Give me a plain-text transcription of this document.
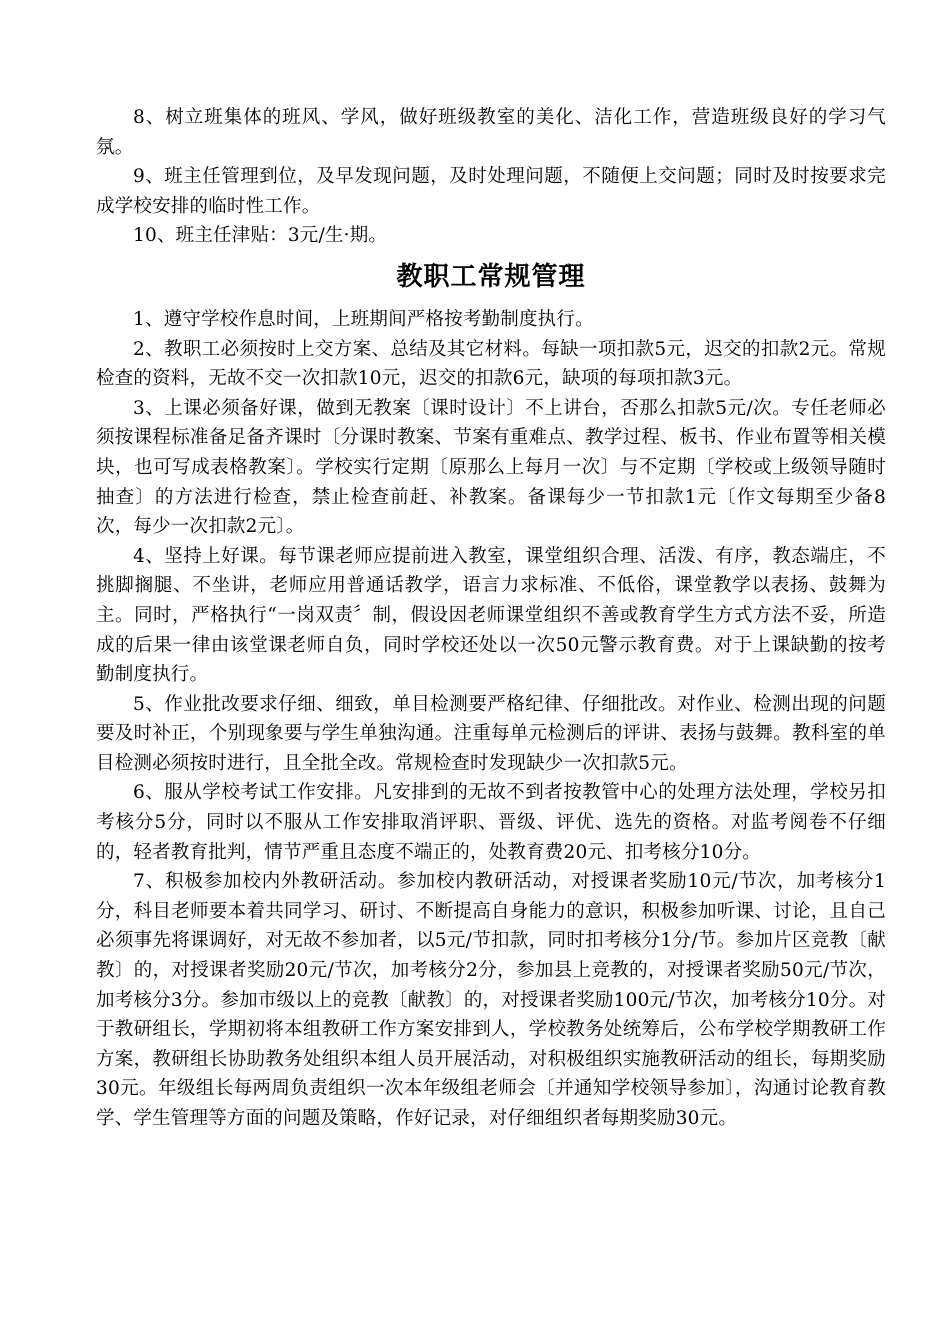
8、树立班集体的班风、学风，做好班级教室的美化、洁化工作，营造班级良好的学习气氛。

9、班主任管理到位，及早发现问题，及时处理问题，不随便上交问题；同时及时按要求完成学校安排的临时性工作。

10、班主任津贴：3元/生·期。

教职工常规管理

1、遵守学校作息时间，上班期间严格按考勤制度执行。

2、教职工必须按时上交方案、总结及其它材料。每缺一项扣款5元，迟交的扣款2元。常规检查的资料，无故不交一次扣款10元，迟交的扣款6元，缺项的每项扣款3元。

3、上课必须备好课，做到无教案〔课时设计〕不上讲台，否那么扣款5元/次。专任老师必须按课程标准备足备齐课时〔分课时教案、节案有重难点、教学过程、板书、作业布置等相关模块，也可写成表格教案〕。学校实行定期〔原那么上每月一次〕与不定期〔学校或上级领导随时抽查〕的方法进行检查，禁止检查前赶、补教案。备课每少一节扣款1元〔作文每期至少备8次，每少一次扣款2元〕。

4、坚持上好课。每节课老师应提前进入教室，课堂组织合理、活泼、有序，教态端庄，不挑脚搁腿、不坐讲，老师应用普通话教学，语言力求标准、不低俗，课堂教学以表扬、鼓舞为主。同时，严格执行“一岗双责〞制，假设因老师课堂组织不善或教育学生方式方法不妥，所造成的后果一律由该堂课老师自负，同时学校还处以一次50元警示教育费。对于上课缺勤的按考勤制度执行。

5、作业批改要求仔细、细致，单目检测要严格纪律、仔细批改。对作业、检测出现的问题要及时补正，个别现象要与学生单独沟通。注重每单元检测后的评讲、表扬与鼓舞。教科室的单目检测必须按时进行，且全批全改。常规检查时发现缺少一次扣款5元。

6、服从学校考试工作安排。凡安排到的无故不到者按教管中心的处理方法处理，学校另扣考核分5分，同时以不服从工作安排取消评职、晋级、评优、选先的资格。对监考阅卷不仔细的，轻者教育批判，情节严重且态度不端正的，处教育费20元、扣考核分10分。

7、积极参加校内外教研活动。参加校内教研活动，对授课者奖励10元/节次，加考核分1分，科目老师要本着共同学习、研讨、不断提高自身能力的意识，积极参加听课、讨论，且自己必须事先将课调好，对无故不参加者，以5元/节扣款，同时扣考核分1分/节。参加片区竞教〔献教〕的，对授课者奖励20元/节次，加考核分2分，参加县上竞教的，对授课者奖励50元/节次，加考核分3分。参加市级以上的竞教〔献教〕的，对授课者奖励100元/节次，加考核分10分。对于教研组长，学期初将本组教研工作方案安排到人，学校教务处统筹后，公布学校学期教研工作方案，教研组长协助教务处组织本组人员开展活动，对积极组织实施教研活动的组长，每期奖励30元。年级组长每两周负责组织一次本年级组老师会〔并通知学校领导参加〕，沟通讨论教育教学、学生管理等方面的问题及策略，作好记录，对仔细组织者每期奖励30元。
